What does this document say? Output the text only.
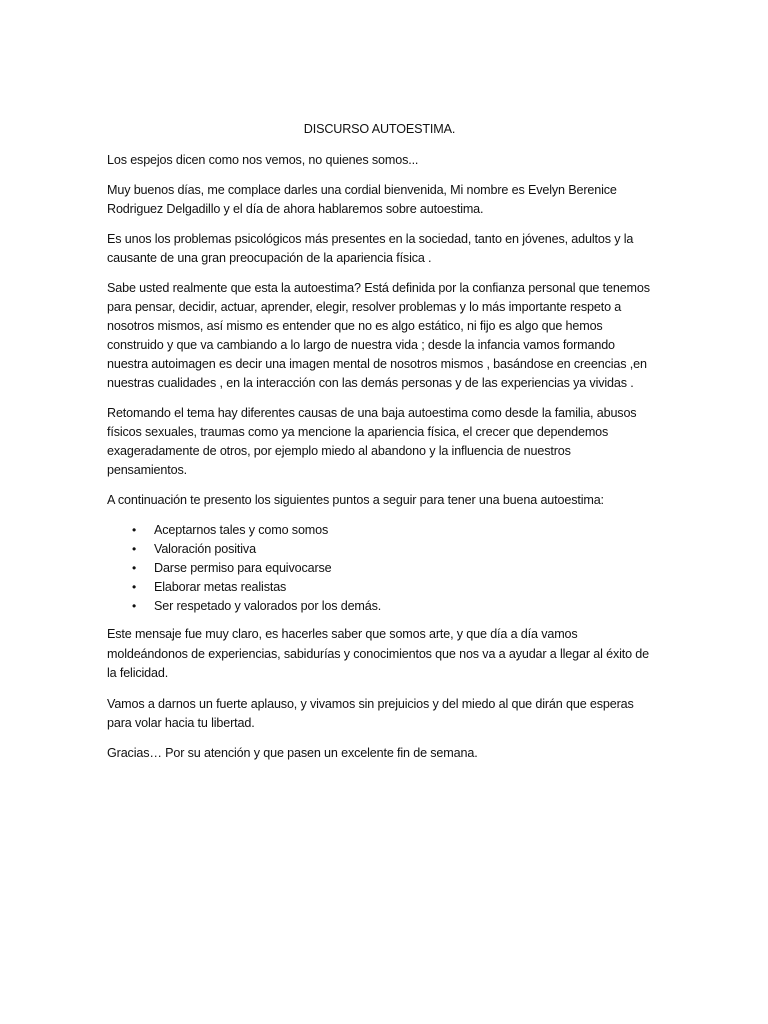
DISCURSO AUTOESTIMA.

Los espejos dicen como nos vemos, no quienes somos...

Muy buenos días, me complace darles una cordial bienvenida, Mi nombre es Evelyn Berenice Rodriguez Delgadillo y el día de ahora hablaremos sobre autoestima.

Es unos los problemas psicológicos más presentes en la sociedad, tanto en jóvenes, adultos y la causante de una gran preocupación de la apariencia física .

Sabe usted realmente que esta la autoestima? Está definida por la confianza personal que tenemos para pensar, decidir, actuar, aprender, elegir, resolver problemas y lo más importante respeto a nosotros mismos, así mismo es entender que no es algo estático, ni fijo es algo que hemos construido y que va cambiando a lo largo de nuestra vida ; desde la infancia vamos formando nuestra autoimagen es decir una imagen mental de nosotros mismos , basándose en creencias ,en nuestras cualidades , en la interacción con las demás personas y de las experiencias ya vividas .

Retomando el tema hay diferentes causas de una baja autoestima como desde la familia, abusos físicos sexuales, traumas como ya mencione la apariencia física, el crecer que dependemos exageradamente de otros, por ejemplo miedo al abandono y la influencia de nuestros pensamientos.

A continuación te presento los siguientes puntos a seguir para tener una buena autoestima:

• Aceptarnos tales y como somos
• Valoración positiva
• Darse permiso para equivocarse
• Elaborar metas realistas
• Ser respetado y valorados por los demás.

Este mensaje fue muy claro, es hacerles saber que somos arte, y que día a día vamos moldeándonos de experiencias, sabidurías y conocimientos que nos va a ayudar a llegar al éxito de la felicidad.

Vamos a darnos un fuerte aplauso, y vivamos sin prejuicios y del miedo al que dirán que esperas para volar hacia tu libertad.

Gracias… Por su atención y que pasen un excelente fin de semana.
